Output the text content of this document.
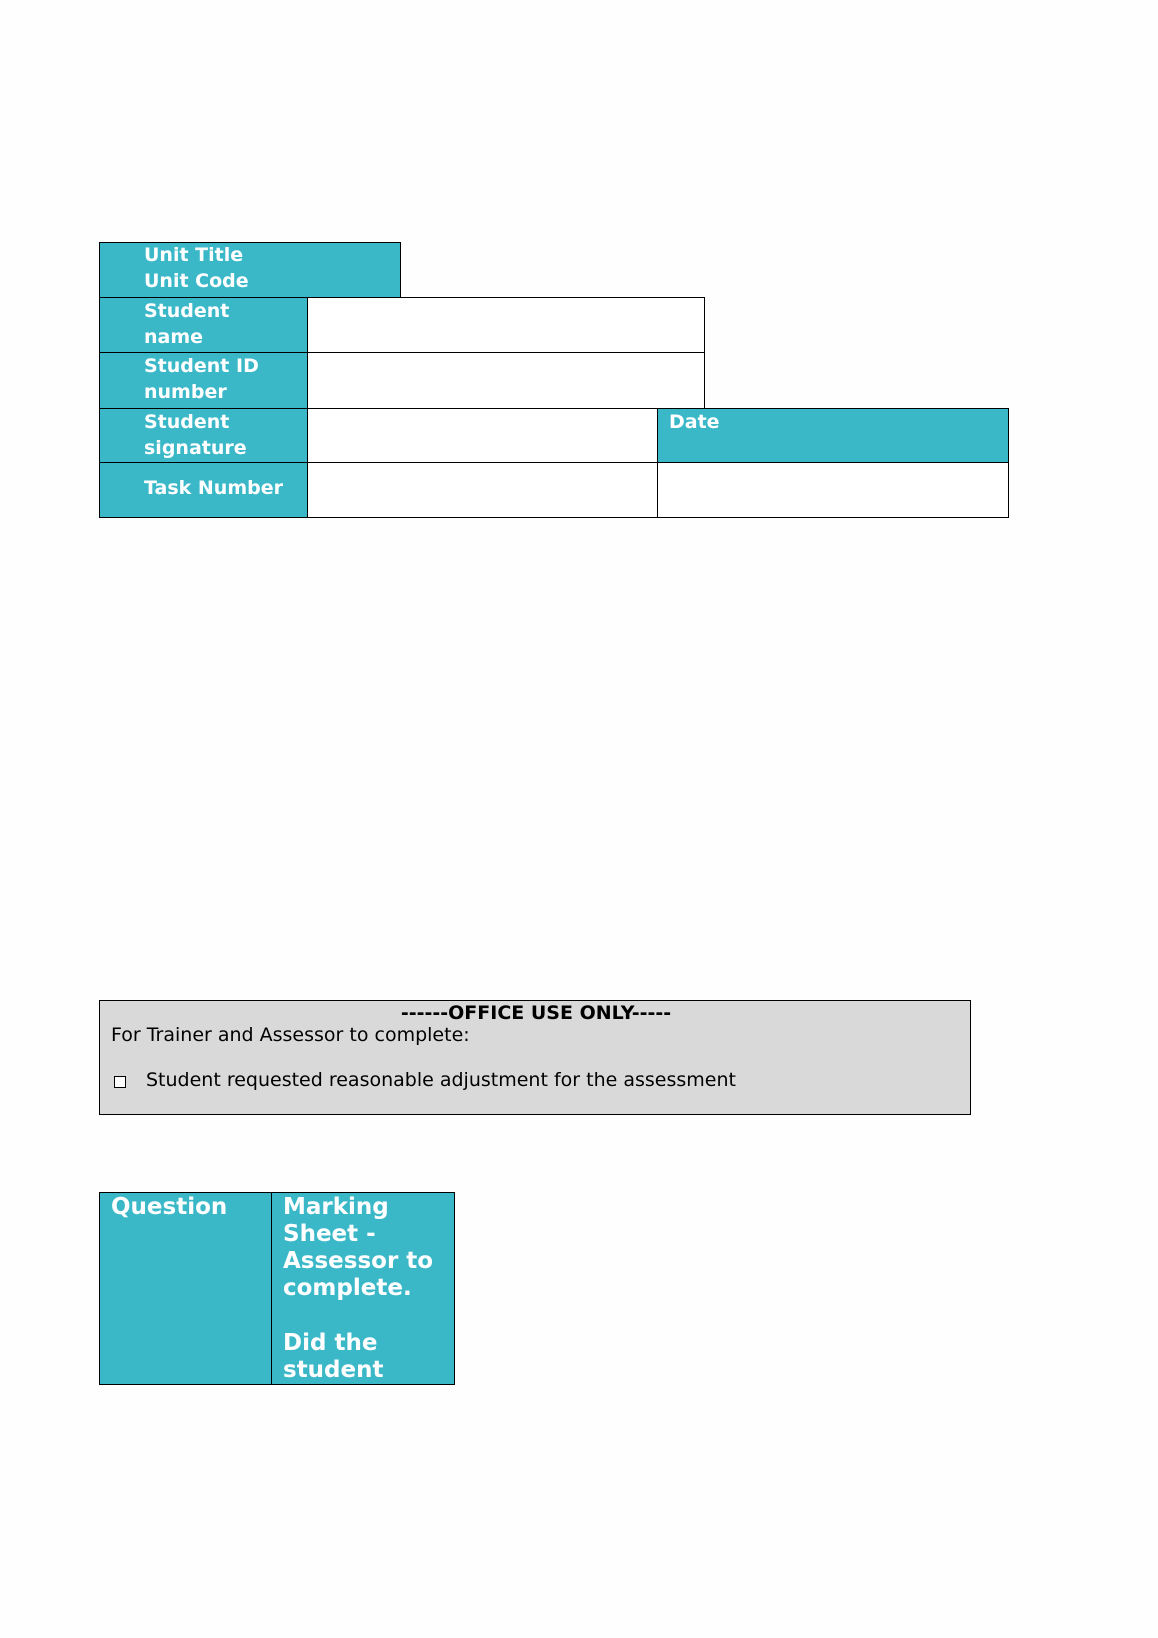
Unit Title
Unit Code
Student
name
Student ID
number
Student
signature
Date
Task Number
------OFFICE USE ONLY-----
For Trainer and Assessor to complete:
Student requested reasonable adjustment for the assessment
Question Marking
Sheet -
Assessor to
complete.
Did the
student
